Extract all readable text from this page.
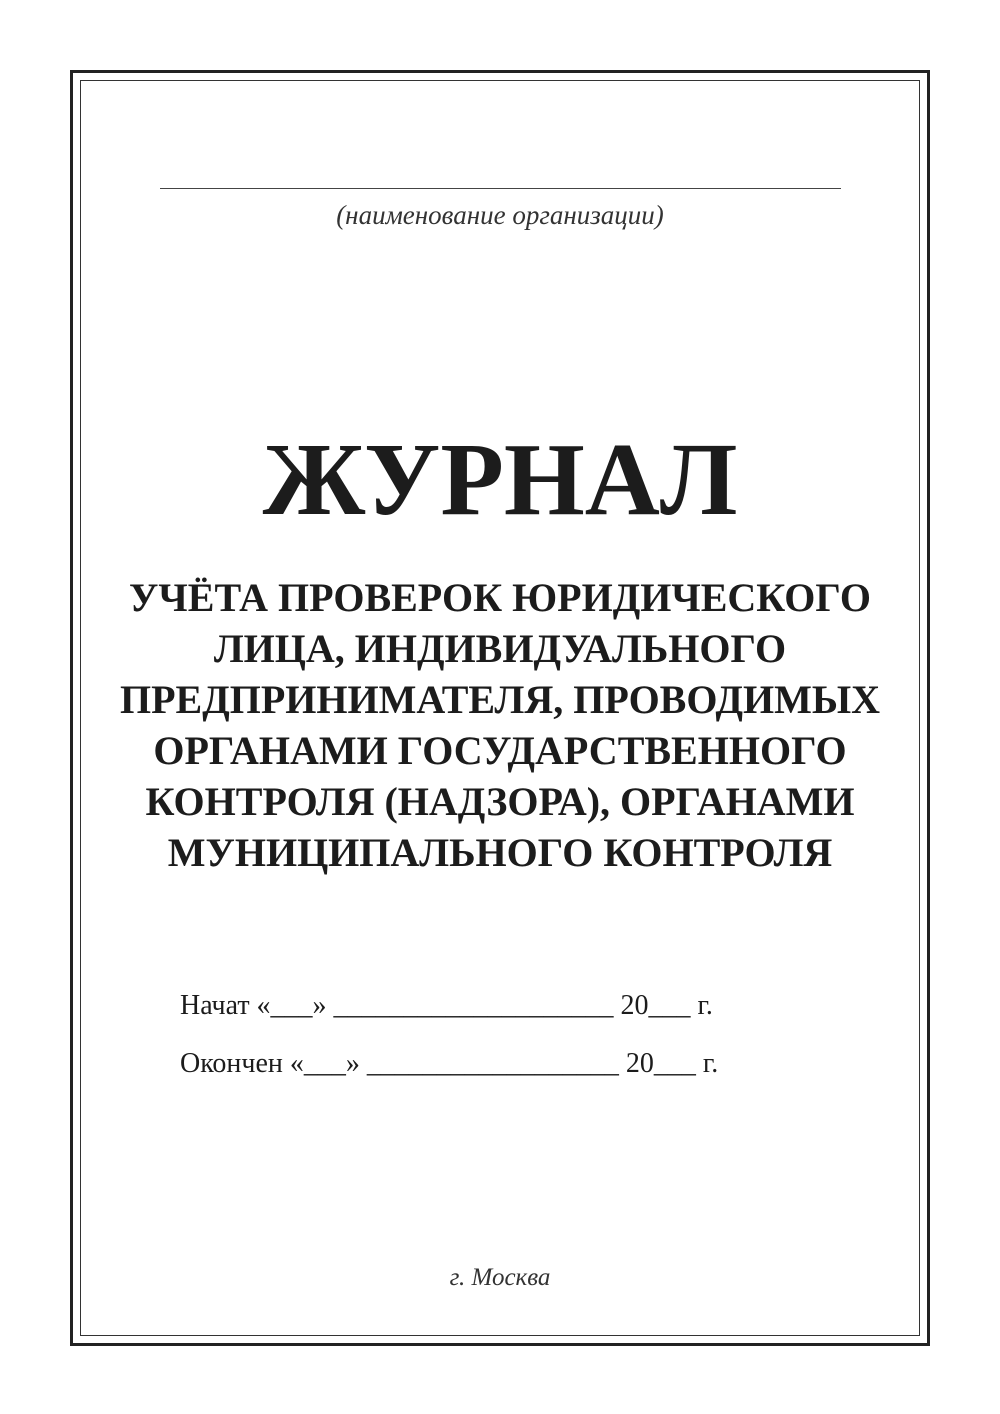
(наименование организации)
ЖУРНАЛ
УЧЁТА ПРОВЕРОК ЮРИДИЧЕСКОГО
ЛИЦА, ИНДИВИДУАЛЬНОГО
ПРЕДПРИНИМАТЕЛЯ, ПРОВОДИМЫХ
ОРГАНАМИ ГОСУДАРСТВЕННОГО
КОНТРОЛЯ (НАДЗОРА), ОРГАНАМИ
МУНИЦИПАЛЬНОГО КОНТРОЛЯ
Начат «___» ____________________ 20___ г.
Окончен «___» __________________ 20___ г.
г. Москва
